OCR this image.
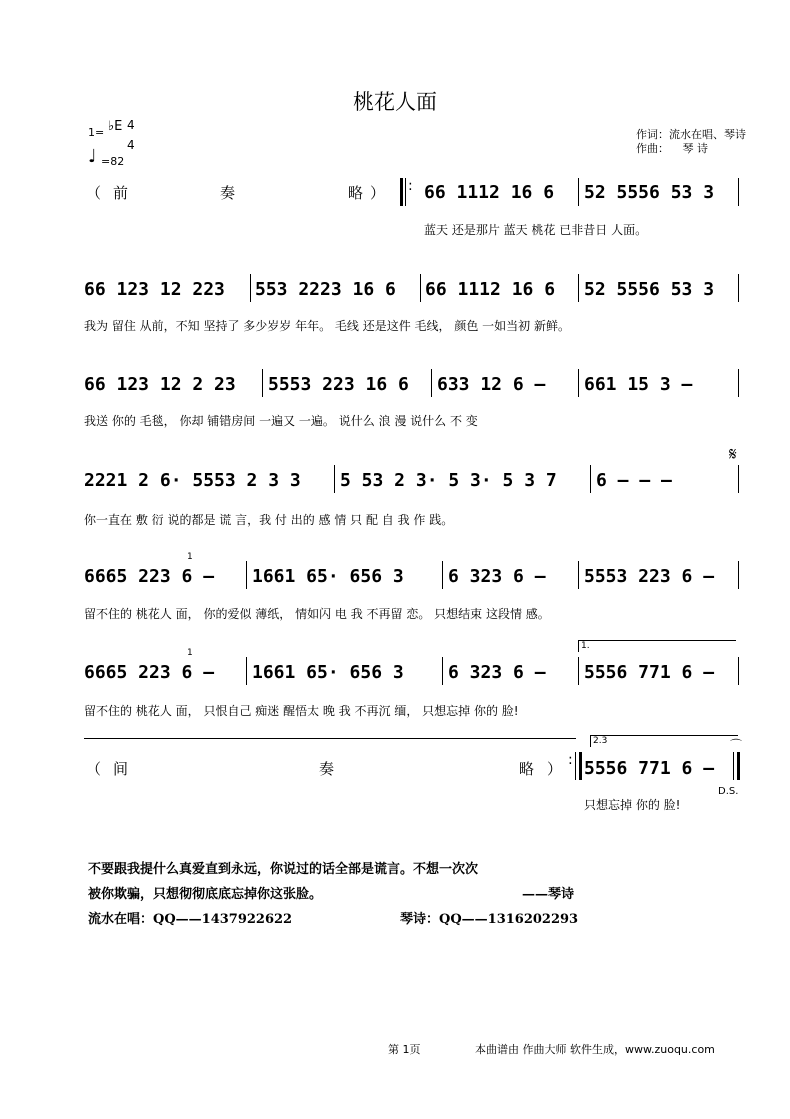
桃花人面
1= ♭E 4
4
♩ =82
作词：流水在唱、琴诗
作曲： 琴 诗
（ 前	奏	略 ） : 66 1112 16 6 52 5556 53 3
蓝天 还是那片 蓝天 桃花 已非昔日 人面。
66 123 12 223 553 2223 16 6 66 1112 16 6 52 5556 53 3
我为 留住 从前，不知 坚持了 多少岁岁 年年。 毛线 还是这件 毛线， 颜色 一如当初 新鲜。
66 123 12 2 23 5553 223 16 6 633 12 6 – 661 15 3 –
我送 你的 毛毯， 你却 铺错房间 一遍又 一遍。 说什么 浪 漫 说什么 不 变
𝄋
2221 2 6· 5553 2 3 3 5 53 2 3· 5 3· 5 3 7 6 – – –
你一直在 敷 衍 说的都是 谎 言，我 付 出的 感 情 只 配 自 我 作 践。
1
6665 223 6 – 1661 65· 656 3 6 323 6 – 5553 223 6 –
留不住的 桃花人 面， 你的爱似 薄纸， 情如闪 电 我 不再留 恋。 只想结束 这段情 感。
1.
1
6665 223 6 – 1661 65· 656 3 6 323 6 – 5556 771 6 –
留不住的 桃花人 面， 只恨自己 痴迷 醒悟太 晚 我 不再沉 缅， 只想忘掉 你的 脸!
2.3	⌒
（ 间	奏	略 ） : 5556 771 6 –
D.S.
只想忘掉 你的 脸!
不要跟我提什么真爱直到永远，你说过的话全部是谎言。不想一次次
被你欺骗，只想彻彻底底忘掉你这张脸。	——琴诗
流水在唱：QQ——1437922622	琴诗：QQ——1316202293
第 1页	本曲谱由 作曲大师 软件生成，www.zuoqu.com
